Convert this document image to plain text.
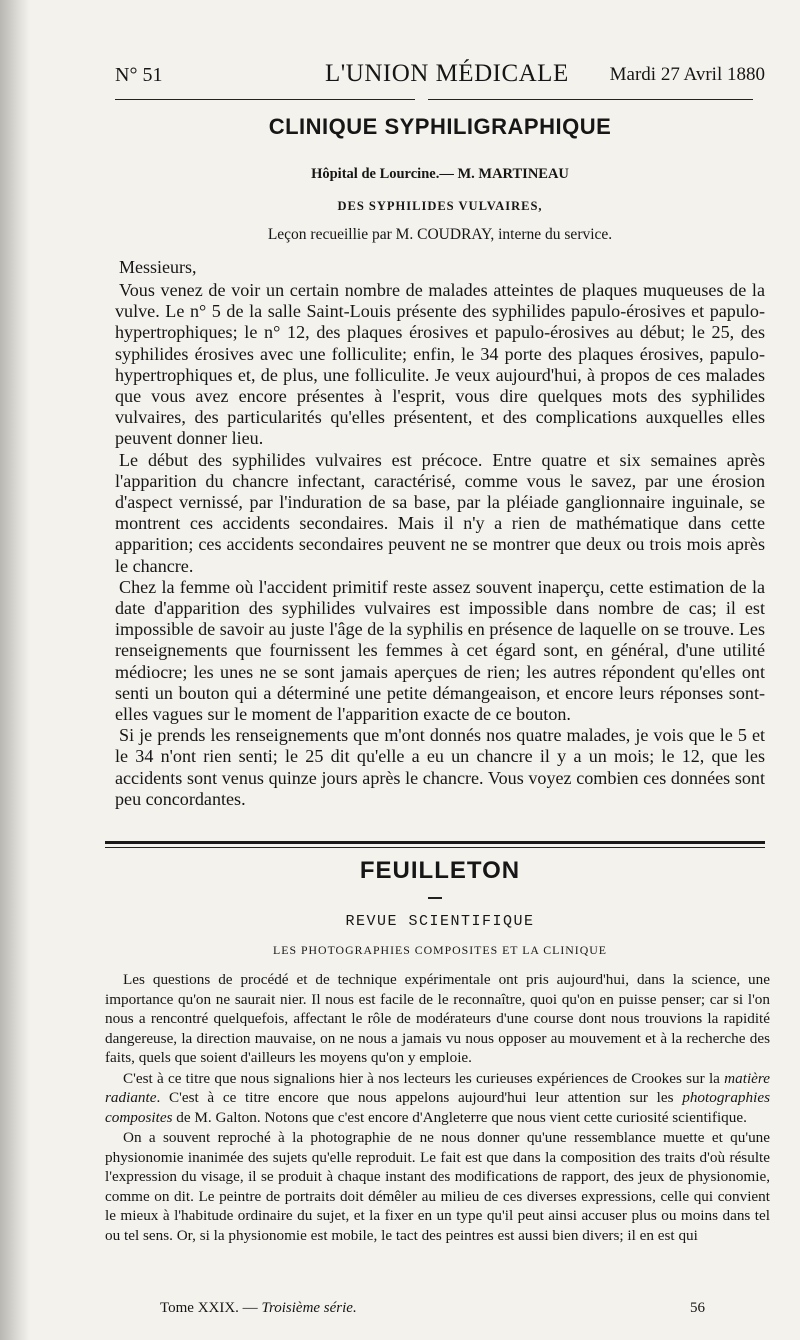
N° 51	L'UNION MÉDICALE Mardi 27 Avril 1880
CLINIQUE SYPHILIGRAPHIQUE
Hôpital de Lourcine.— M. MARTINEAU
DES SYPHILIDES VULVAIRES,
Leçon recueillie par M. COUDRAY, interne du service.
Messieurs,

Vous venez de voir un certain nombre de malades atteintes de plaques muqueuses de la vulve. Le n° 5 de la salle Saint-Louis présente des syphilides papulo-érosives et papulo-hypertrophiques; le n° 12, des plaques érosives et papulo-érosives au début; le 25, des syphilides érosives avec une folliculite; enfin, le 34 porte des plaques érosives, papulo-hypertrophiques et, de plus, une folliculite. Je veux aujourd'hui, à propos de ces malades que vous avez encore présentes à l'esprit, vous dire quelques mots des syphilides vulvaires, des particularités qu'elles présentent, et des complications auxquelles elles peuvent donner lieu.

Le début des syphilides vulvaires est précoce. Entre quatre et six semaines après l'apparition du chancre infectant, caractérisé, comme vous le savez, par une érosion d'aspect vernissé, par l'induration de sa base, par la pléiade ganglionnaire inguinale, se montrent ces accidents secondaires. Mais il n'y a rien de mathématique dans cette apparition; ces accidents secondaires peuvent ne se montrer que deux ou trois mois après le chancre.

Chez la femme où l'accident primitif reste assez souvent inaperçu, cette estimation de la date d'apparition des syphilides vulvaires est impossible dans nombre de cas; il est impossible de savoir au juste l'âge de la syphilis en présence de laquelle on se trouve. Les renseignements que fournissent les femmes à cet égard sont, en général, d'une utilité médiocre; les unes ne se sont jamais aperçues de rien; les autres répondent qu'elles ont senti un bouton qui a déterminé une petite démangeaison, et encore leurs réponses sont-elles vagues sur le moment de l'apparition exacte de ce bouton.

Si je prends les renseignements que m'ont donnés nos quatre malades, je vois que le 5 et le 34 n'ont rien senti; le 25 dit qu'elle a eu un chancre il y a un mois; le 12, que les accidents sont venus quinze jours après le chancre. Vous voyez combien ces données sont peu concordantes.

FEUILLETON
REVUE SCIENTIFIQUE
LES PHOTOGRAPHIES COMPOSITES ET LA CLINIQUE

Les questions de procédé et de technique expérimentale ont pris aujourd'hui, dans la science, une importance qu'on ne saurait nier. Il nous est facile de le reconnaître, quoi qu'on en puisse penser; car si l'on nous a rencontré quelquefois, affectant le rôle de modérateurs d'une course dont nous trouvions la rapidité dangereuse, la direction mauvaise, on ne nous a jamais vu nous opposer au mouvement et à la recherche des faits, quels que soient d'ailleurs les moyens qu'on y emploie.

C'est à ce titre que nous signalions hier à nos lecteurs les curieuses expériences de Crookes sur la matière radiante. C'est à ce titre encore que nous appelons aujourd'hui leur attention sur les photographies composites de M. Galton. Notons que c'est encore d'Angleterre que nous vient cette curiosité scientifique.

On a souvent reproché à la photographie de ne nous donner qu'une ressemblance muette et qu'une physionomie inanimée des sujets qu'elle reproduit. Le fait est que dans la composition des traits d'où résulte l'expression du visage, il se produit à chaque instant des modifications de rapport, des jeux de physionomie, comme on dit. Le peintre de portraits doit démêler au milieu de ces diverses expressions, celle qui convient le mieux à l'habitude ordinaire du sujet, et la fixer en un type qu'il peut ainsi accuser plus ou moins dans tel ou tel sens. Or, si la physionomie est mobile, le tact des peintres est aussi bien divers; il en est qui

Tome XXIX. — Troisième série.	56
